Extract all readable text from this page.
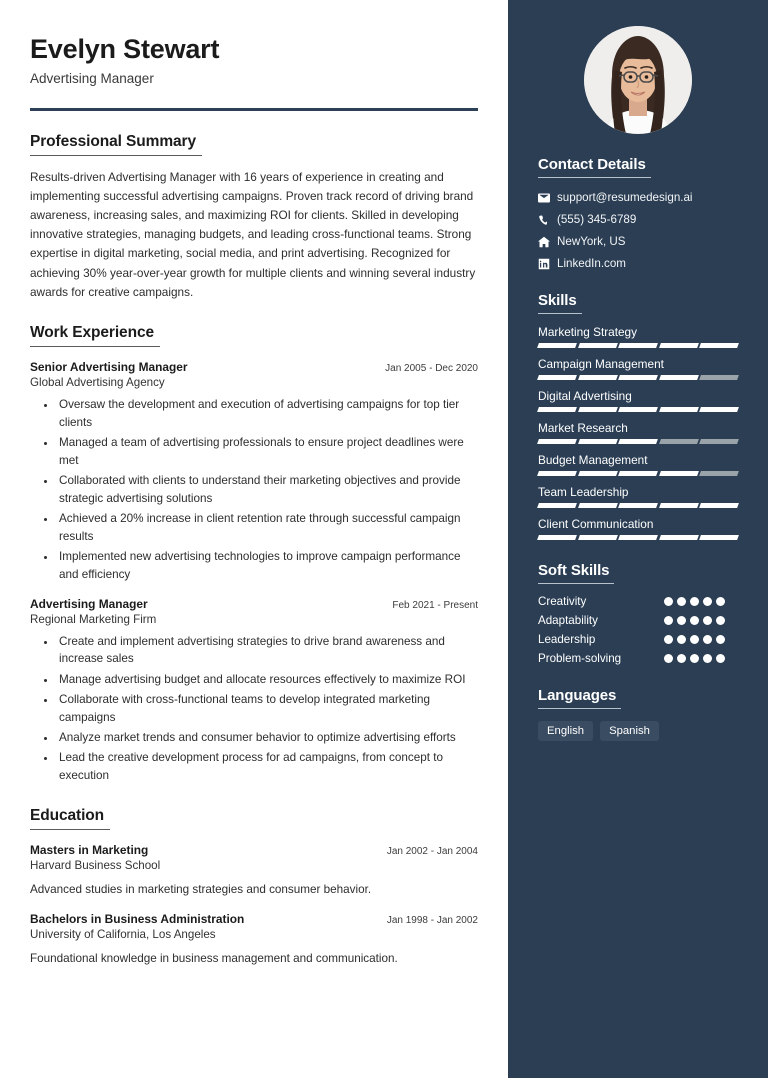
Evelyn Stewart
Advertising Manager
Professional Summary
Results-driven Advertising Manager with 16 years of experience in creating and implementing successful advertising campaigns. Proven track record of driving brand awareness, increasing sales, and maximizing ROI for clients. Skilled in developing innovative strategies, managing budgets, and leading cross-functional teams. Strong expertise in digital marketing, social media, and print advertising. Recognized for achieving 30% year-over-year growth for multiple clients and winning several industry awards for creative campaigns.
Work Experience
Senior Advertising Manager	Jan 2005 - Dec 2020
Global Advertising Agency
• Oversaw the development and execution of advertising campaigns for top tier clients
• Managed a team of advertising professionals to ensure project deadlines were met
• Collaborated with clients to understand their marketing objectives and provide strategic advertising solutions
• Achieved a 20% increase in client retention rate through successful campaign results
• Implemented new advertising technologies to improve campaign performance and efficiency
Advertising Manager	Feb 2021 - Present
Regional Marketing Firm
• Create and implement advertising strategies to drive brand awareness and increase sales
• Manage advertising budget and allocate resources effectively to maximize ROI
• Collaborate with cross-functional teams to develop integrated marketing campaigns
• Analyze market trends and consumer behavior to optimize advertising efforts
• Lead the creative development process for ad campaigns, from concept to execution
Education
Masters in Marketing	Jan 2002 - Jan 2004
Harvard Business School
Advanced studies in marketing strategies and consumer behavior.
Bachelors in Business Administration	Jan 1998 - Jan 2002
University of California, Los Angeles
Foundational knowledge in business management and communication.
Contact Details
support@resumedesign.ai
(555) 345-6789
NewYork, US
LinkedIn.com
Skills
Marketing Strategy
Campaign Management
Digital Advertising
Market Research
Budget Management
Team Leadership
Client Communication
Soft Skills
Creativity
Adaptability
Leadership
Problem-solving
Languages
English	Spanish
